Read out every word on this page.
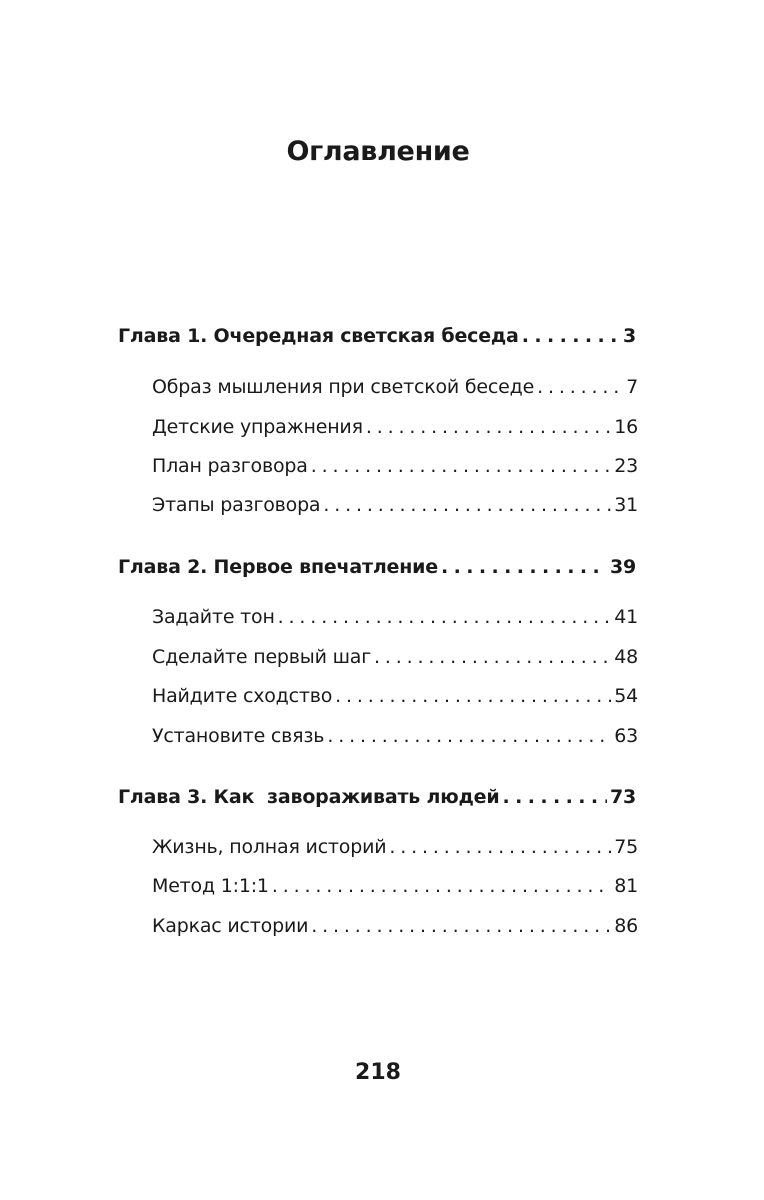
Оглавление
Глава 1. Очередная светская беседа . . .	3
Образ мышления при светской беседе . . .	7
Детские упражнения . . .	16
План разговора . . .	23
Этапы разговора . . .	31
Глава 2. Первое впечатление . . .	39
Задайте тон . . .	41
Сделайте первый шаг . . .	48
Найдите сходство . . .	54
Установите связь . . .	63
Глава 3. Как  завораживать людей . . .	73
Жизнь, полная историй . . .	75
Метод 1:1:1 . . .	81
Каркас истории . . .	86
218
